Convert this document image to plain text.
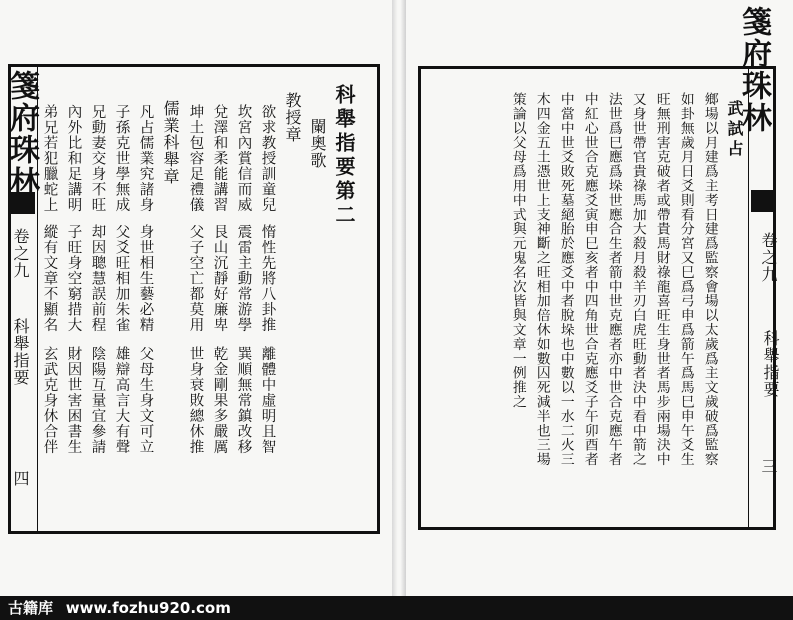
箋府珠林
卷之九
科舉指要
四
科舉指要第二
闌奧歌
教授章
欲求教授訓童兒
坎宮內賞信而威
兌澤和柔能講習
坤土包容足禮儀
惰性先將八卦推
震雷主動常游學
艮山沉靜好廉卑
父子空亡都莫用
離體中虛明且智
巽順無常鎮改移
乾金剛果多嚴厲
世身衰敗總休推
儒業科舉章
凡占儒業究諸身
子孫克世學無成
兄動妻交身不旺
內外比和足講明
弟兄若犯臘蛇上
身世相生藝必精
父爻旺相加朱雀
却因聰慧誤前程
子旺身空窮措大
縱有文章不顯名
父母生身文可立
雄辯高言大有聲
陰陽互量宜參請
財因世害困書生
玄武克身休合伴
箋府珠林
卷之九
科舉指要
三
武試占
鄉場以月建爲主考日建爲監察會場以太歲爲主文歲破爲監察
如卦無歲月日爻則看分宮又巳爲弓申爲箭午爲馬巳申午爻生
旺無刑害克破者或帶貴馬財祿龍喜旺生身世者馬步兩場決中
又身世帶官貴祿馬加大殺月殺羊刃白虎旺動者決中看中箭之
法世爲巳應爲垛世應合生者箭中世克應者亦中世合克應午者
中紅心世合克應爻寅申巳亥者中四角世合克應爻子午卯酉者
中當中世爻敗死墓絕胎於應爻中者脫垛也中數以一水二火三
木四金五土憑世上支神斷之旺相加倍休如數囚死減半也三場
策論以父母爲用中式與元鬼名次皆與文章一例推之
古籍库 www.fozhu920.com
